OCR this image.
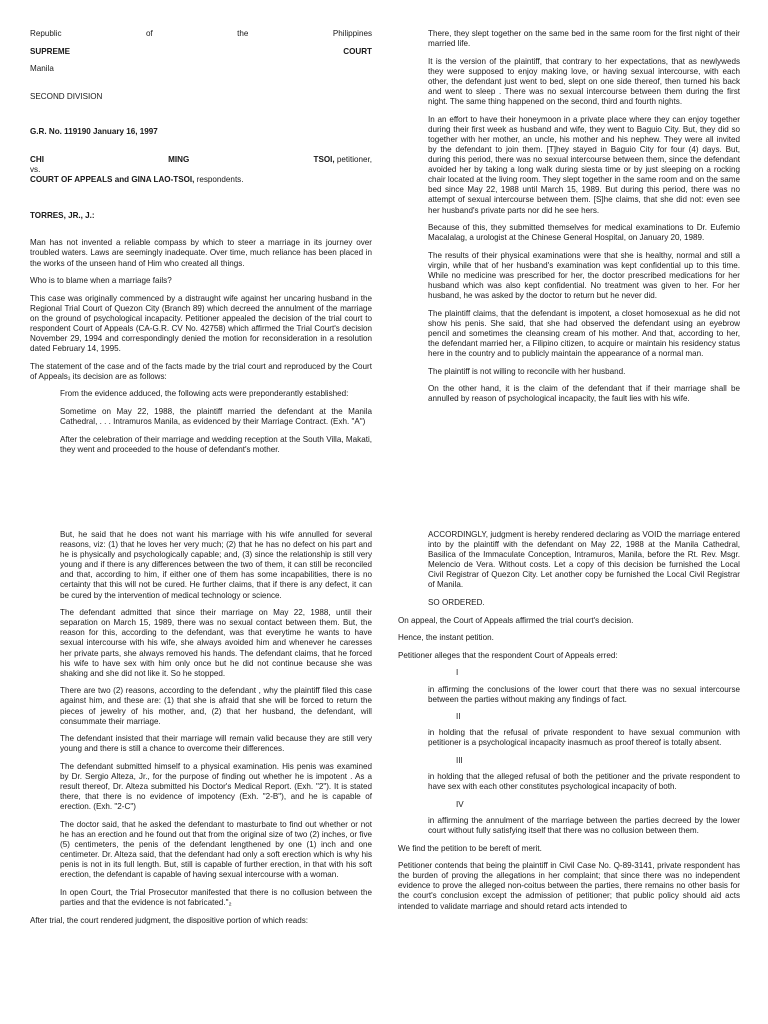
Republic	of	the	Philippines

SUPREME	COURT

Manila

SECOND DIVISION

G.R. No. 119190 January 16, 1997

CHI	MING	TSOI, petitioner,

vs.

COURT OF APPEALS and GINA LAO-TSOI, respondents.

TORRES, JR., J.:

Man has not invented a reliable compass by which to steer a marriage in its journey over troubled waters. Laws are seemingly inadequate. Over time, much reliance has been placed in the works of the unseen hand of Him who created all things.

Who is to blame when a marriage fails?

This case was originally commenced by a distraught wife against her uncaring husband in the Regional Trial Court of Quezon City (Branch 89) which decreed the annulment of the marriage on the ground of psychological incapacity. Petitioner appealed the decision of the trial court to respondent Court of Appeals (CA-G.R. CV No. 42758) which affirmed the Trial Court's decision November 29, 1994 and correspondingly denied the motion for reconsideration in a resolution dated February 14, 1995.

The statement of the case and of the facts made by the trial court and reproduced by the Court of Appeals₁ its decision are as follows:

From the evidence adduced, the following acts were preponderantly established:

Sometime on May 22, 1988, the plaintiff married the defendant at the Manila Cathedral, . . . Intramuros Manila, as evidenced by their Marriage Contract. (Exh. "A")

After the celebration of their marriage and wedding reception at the South Villa, Makati, they went and proceeded to the house of defendant's mother.

There, they slept together on the same bed in the same room for the first night of their married life.

It is the version of the plaintiff, that contrary to her expectations, that as newlyweds they were supposed to enjoy making love, or having sexual intercourse, with each other, the defendant just went to bed, slept on one side thereof, then turned his back and went to sleep . There was no sexual intercourse between them during the first night. The same thing happened on the second, third and fourth nights.

In an effort to have their honeymoon in a private place where they can enjoy together during their first week as husband and wife, they went to Baguio City. But, they did so together with her mother, an uncle, his mother and his nephew. They were all invited by the defendant to join them. [T]hey stayed in Baguio City for four (4) days. But, during this period, there was no sexual intercourse between them, since the defendant avoided her by taking a long walk during siesta time or by just sleeping on a rocking chair located at the living room. They slept together in the same room and on the same bed since May 22, 1988 until March 15, 1989. But during this period, there was no attempt of sexual intercourse between them. [S]he claims, that she did not: even see her husband's private parts nor did he see hers.

Because of this, they submitted themselves for medical examinations to Dr. Eufemio Macalalag, a urologist at the Chinese General Hospital, on January 20, 1989.

The results of their physical examinations were that she is healthy, normal and still a virgin, while that of her husband's examination was kept confidential up to this time. While no medicine was prescribed for her, the doctor prescribed medications for her husband which was also kept confidential. No treatment was given to her. For her husband, he was asked by the doctor to return but he never did.

The plaintiff claims, that the defendant is impotent, a closet homosexual as he did not show his penis. She said, that she had observed the defendant using an eyebrow pencil and sometimes the cleansing cream of his mother. And that, according to her, the defendant married her, a Filipino citizen, to acquire or maintain his residency status here in the country and to publicly maintain the appearance of a normal man.

The plaintiff is not willing to reconcile with her husband.

On the other hand, it is the claim of the defendant that if their marriage shall be annulled by reason of psychological incapacity, the fault lies with his wife.

But, he said that he does not want his marriage with his wife annulled for several reasons, viz: (1) that he loves her very much; (2) that he has no defect on his part and he is physically and psychologically capable; and, (3) since the relationship is still very young and if there is any differences between the two of them, it can still be reconciled and that, according to him, if either one of them has some incapabilities, there is no certainty that this will not be cured. He further claims, that if there is any defect, it can be cured by the intervention of medical technology or science.

The defendant admitted that since their marriage on May 22, 1988, until their separation on March 15, 1989, there was no sexual contact between them. But, the reason for this, according to the defendant, was that everytime he wants to have sexual intercourse with his wife, she always avoided him and whenever he caresses her private parts, she always removed his hands. The defendant claims, that he forced his wife to have sex with him only once but he did not continue because she was shaking and she did not like it. So he stopped.

There are two (2) reasons, according to the defendant , why the plaintiff filed this case against him, and these are: (1) that she is afraid that she will be forced to return the pieces of jewelry of his mother, and, (2) that her husband, the defendant, will consummate their marriage.

The defendant insisted that their marriage will remain valid because they are still very young and there is still a chance to overcome their differences.

The defendant submitted himself to a physical examination. His penis was examined by Dr. Sergio Alteza, Jr., for the purpose of finding out whether he is impotent . As a result thereof, Dr. Alteza submitted his Doctor's Medical Report. (Exh. "2"). It is stated there, that there is no evidence of impotency (Exh. "2-B"), and he is capable of erection. (Exh. "2-C")

The doctor said, that he asked the defendant to masturbate to find out whether or not he has an erection and he found out that from the original size of two (2) inches, or five (5) centimeters, the penis of the defendant lengthened by one (1) inch and one centimeter. Dr. Alteza said, that the defendant had only a soft erection which is why his penis is not in its full length. But, still is capable of further erection, in that with his soft erection, the defendant is capable of having sexual intercourse with a woman.

In open Court, the Trial Prosecutor manifested that there is no collusion between the parties and that the evidence is not fabricated."₂

After trial, the court rendered judgment, the dispositive portion of which reads:

ACCORDINGLY, judgment is hereby rendered declaring as VOID the marriage entered into by the plaintiff with the defendant on May 22, 1988 at the Manila Cathedral, Basilica of the Immaculate Conception, Intramuros, Manila, before the Rt. Rev. Msgr. Melencio de Vera. Without costs. Let a copy of this decision be furnished the Local Civil Registrar of Quezon City. Let another copy be furnished the Local Civil Registrar of Manila.

SO ORDERED.

On appeal, the Court of Appeals affirmed the trial court's decision.

Hence, the instant petition.

Petitioner alleges that the respondent Court of Appeals erred:

I

in affirming the conclusions of the lower court that there was no sexual intercourse between the parties without making any findings of fact.

II

in holding that the refusal of private respondent to have sexual communion with petitioner is a psychological incapacity inasmuch as proof thereof is totally absent.

III

in holding that the alleged refusal of both the petitioner and the private respondent to have sex with each other constitutes psychological incapacity of both.

IV

in affirming the annulment of the marriage between the parties decreed by the lower court without fully satisfying itself that there was no collusion between them.

We find the petition to be bereft of merit.

Petitioner contends that being the plaintiff in Civil Case No. Q-89-3141, private respondent has the burden of proving the allegations in her complaint; that since there was no independent evidence to prove the alleged non-coitus between the parties, there remains no other basis for the court's conclusion except the admission of petitioner; that public policy should aid acts intended to validate marriage and should retard acts intended to
